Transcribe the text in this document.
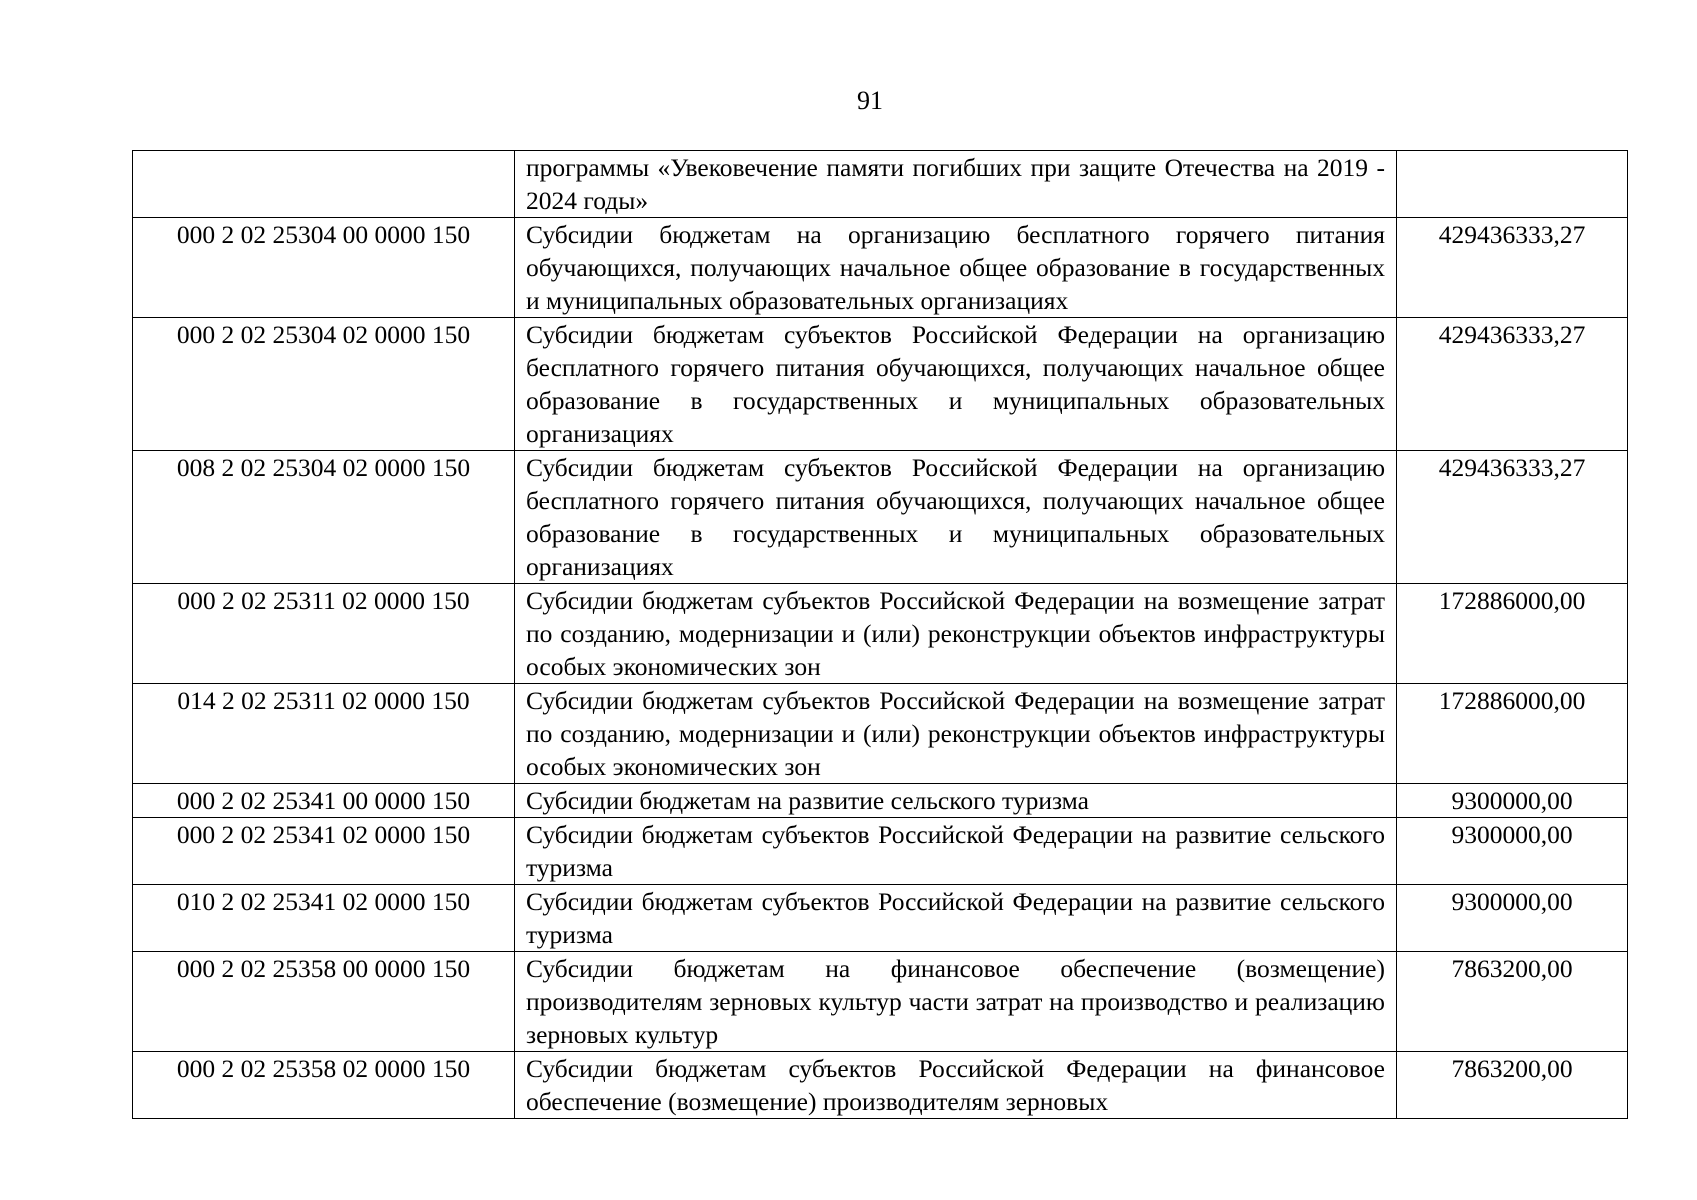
91
	программы «Увековечение памяти погибших при защите Отечества на 2019 - 2024 годы»	
000 2 02 25304 00 0000 150	Субсидии бюджетам на организацию бесплатного горячего питания обучающихся, получающих начальное общее образование в государственных и муниципальных образовательных организациях	429436333,27
000 2 02 25304 02 0000 150	Субсидии бюджетам субъектов Российской Федерации на организацию бесплатного горячего питания обучающихся, получающих начальное общее образование в государственных и муниципальных образовательных организациях	429436333,27
008 2 02 25304 02 0000 150	Субсидии бюджетам субъектов Российской Федерации на организацию бесплатного горячего питания обучающихся, получающих начальное общее образование в государственных и муниципальных образовательных организациях	429436333,27
000 2 02 25311 02 0000 150	Субсидии бюджетам субъектов Российской Федерации на возмещение затрат по созданию, модернизации и (или) реконструкции объектов инфраструктуры особых экономических зон	172886000,00
014 2 02 25311 02 0000 150	Субсидии бюджетам субъектов Российской Федерации на возмещение затрат по созданию, модернизации и (или) реконструкции объектов инфраструктуры особых экономических зон	172886000,00
000 2 02 25341 00 0000 150	Субсидии бюджетам на развитие сельского туризма	9300000,00
000 2 02 25341 02 0000 150	Субсидии бюджетам субъектов Российской Федерации на развитие сельского туризма	9300000,00
010 2 02 25341 02 0000 150	Субсидии бюджетам субъектов Российской Федерации на развитие сельского туризма	9300000,00
000 2 02 25358 00 0000 150	Субсидии бюджетам на финансовое обеспечение (возмещение) производителям зерновых культур части затрат на производство и реализацию зерновых культур	7863200,00
000 2 02 25358 02 0000 150	Субсидии бюджетам субъектов Российской Федерации на финансовое обеспечение (возмещение) производителям зерновых	7863200,00
